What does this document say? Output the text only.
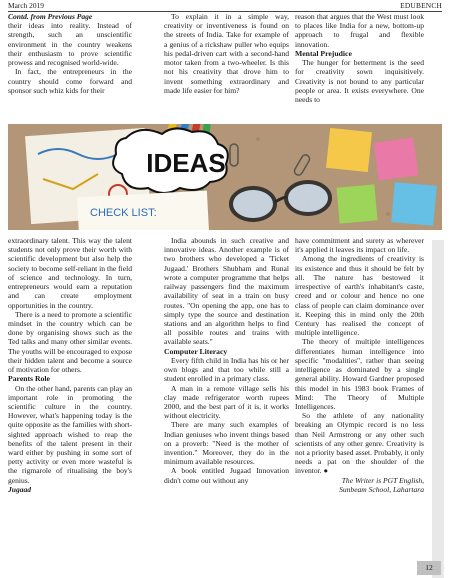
March 2019	EDUBENCH

Contd. from Previous Page

their ideas into reality. Instead of strength, such an unscientific environment in the country weakens their enthusiasm to prove scientific prowess and recognised world-wide.

In fact, the entrepreneurs in the country should come forward and sponsor such whiz kids for their

To explain it in a simple way, creativity or inventiveness is found on the streets of India. Take for example of a genius of a rickshaw puller who equips his pedal-driven cart with a second-hand motor taken from a two-wheeler. Is this not his creativity that drove him to invent something extraordinary and made life easier for him?

reason that argues that the West must look to places like India for a new, bottom-up approach to frugal and flexible innovation.

Mental Prejudice

The hunger for betterment is the seed for creativity sown inquisitively. Creativity is not bound to any particular people or area. It exists everywhere. One needs to

IDEAS
CHECK LIST:

extraordinary talent. This way the talent students not only prove their worth with scientific development but also help the society to become self-reliant in the field of science and technology. In turn, entrepreneurs would earn a reputation and can create employment opportunities in the country.

There is a need to promote a scientific mindset in the country which can be done by organising shows such as the Ted talks and many other similar events. The youths will be encouraged to expose their hidden talent and become a source of motivation for others.

Parents Role

On the other hand, parents can play an important role in promoting the scientific culture in the country. However, what's happening today is the quite opposite as the families with short-sighted approach wished to reap the benefits of the talent present in their ward either by pushing in some sort of petty activity or even more wasteful is the rigmarole of ritualising the boy's genius.

Jugaad

India abounds in such creative and innovative ideas. Another example is of two brothers who developed a 'Ticket Jugaad.' Brothers Shubham and Runal wrote a computer programme that helps railway passengers find the maximum availability of seat in a train on busy routes. "On opening the app, one has to simply type the source and destination stations and an algorithm helps to find all possible routes and trains with available seats."

Computer Literacy

Every fifth child in India has his or her own blogs and that too while still a student enrolled in a primary class.

A man in a remote village sells his clay made refrigerator worth rupees 2000, and the best part of it is, it works without electricity.

There are many such examples of Indian geniuses who invent things based on a proverb: "Need is the mother of invention." Moreover, they do in the minimum available resources.

A book entitled Jugaad Innovation didn't come out without any

have commitment and surety as wherever it's applied it leaves its impact on life.

Among the ingredients of creativity is its existence and thus it should be felt by all. The nature has bestowed it irrespective of earth's inhabitant's caste, creed and or colour and hence no one class of people can claim dominance over it. Keeping this in mind only the 20th Century has realised the concept of multiple intelligence.

The theory of multiple intelligences differentiates human intelligence into specific "modalities", rather than seeing intelligence as dominated by a single general ability. Howard Gardner proposed this model in his 1983 book Frames of Mind: The Theory of Multiple Intelligences.

So the athlete of any nationality breaking an Olympic record is no less than Neil Armstrong or any other such scientists of any other genre. Creativity is not a priority based asset. Probably, it only needs a pat on the shoulder of the inventor. ●

The Writer is PGT English,

Sunbeam School, Lahartara

12
